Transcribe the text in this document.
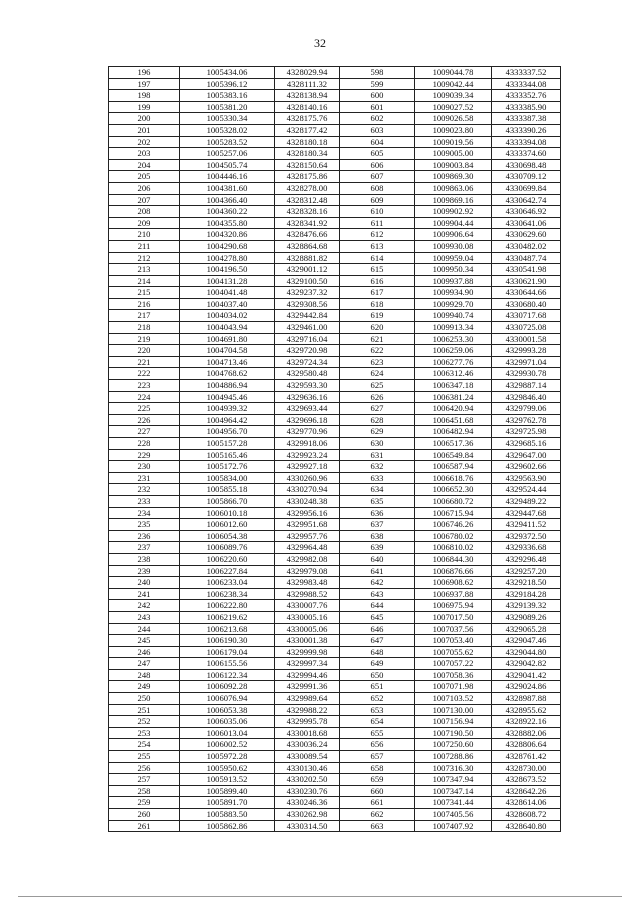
32
196	1005434.06	4328029.94	598	1009044.78	4333337.52
197	1005396.12	4328111.32	599	1009042.44	4333344.08
198	1005383.16	4328138.94	600	1009039.34	4333352.76
199	1005381.20	4328140.16	601	1009027.52	4333385.90
200	1005330.34	4328175.76	602	1009026.58	4333387.38
201	1005328.02	4328177.42	603	1009023.80	4333390.26
202	1005283.52	4328180.18	604	1009019.56	4333394.08
203	1005257.06	4328180.34	605	1009005.00	4333374.60
204	1004505.74	4328150.64	606	1009003.84	4330698.48
205	1004446.16	4328175.86	607	1009869.30	4330709.12
206	1004381.60	4328278.00	608	1009863.06	4330699.84
207	1004366.40	4328312.48	609	1009869.16	4330642.74
208	1004360.22	4328328.16	610	1009902.92	4330646.92
209	1004355.80	4328341.92	611	1009904.44	4330641.06
210	1004320.86	4328476.66	612	1009906.64	4330629.60
211	1004290.68	4328864.68	613	1009930.08	4330482.02
212	1004278.80	4328881.82	614	1009959.04	4330487.74
213	1004196.50	4329001.12	615	1009950.34	4330541.98
214	1004131.28	4329100.50	616	1009937.88	4330621.90
215	1004041.48	4329237.32	617	1009934.90	4330644.66
216	1004037.40	4329308.56	618	1009929.70	4330680.40
217	1004034.02	4329442.84	619	1009940.74	4330717.68
218	1004043.94	4329461.00	620	1009913.34	4330725.08
219	1004691.80	4329716.04	621	1006253.30	4330001.58
220	1004704.58	4329720.98	622	1006259.06	4329993.28
221	1004713.46	4329724.34	623	1006277.76	4329971.04
222	1004768.62	4329580.48	624	1006312.46	4329930.78
223	1004886.94	4329593.30	625	1006347.18	4329887.14
224	1004945.46	4329636.16	626	1006381.24	4329846.40
225	1004939.32	4329693.44	627	1006420.94	4329799.06
226	1004964.42	4329696.18	628	1006451.68	4329762.78
227	1004956.70	4329770.96	629	1006482.94	4329725.98
228	1005157.28	4329918.06	630	1006517.36	4329685.16
229	1005165.46	4329923.24	631	1006549.84	4329647.00
230	1005172.76	4329927.18	632	1006587.94	4329602.66
231	1005834.00	4330260.96	633	1006618.76	4329563.90
232	1005855.18	4330270.94	634	1006652.30	4329524.44
233	1005866.70	4330248.38	635	1006680.72	4329489.22
234	1006010.18	4329956.16	636	1006715.94	4329447.68
235	1006012.60	4329951.68	637	1006746.26	4329411.52
236	1006054.38	4329957.76	638	1006780.02	4329372.50
237	1006089.76	4329964.48	639	1006810.02	4329336.68
238	1006220.60	4329982.08	640	1006844.30	4329296.48
239	1006227.84	4329979.08	641	1006876.66	4329257.20
240	1006233.04	4329983.48	642	1006908.62	4329218.50
241	1006238.34	4329988.52	643	1006937.88	4329184.28
242	1006222.80	4330007.76	644	1006975.94	4329139.32
243	1006219.62	4330005.16	645	1007017.50	4329089.26
244	1006213.68	4330005.06	646	1007037.56	4329065.28
245	1006190.30	4330001.38	647	1007053.40	4329047.46
246	1006179.04	4329999.98	648	1007055.62	4329044.80
247	1006155.56	4329997.34	649	1007057.22	4329042.82
248	1006122.34	4329994.46	650	1007058.36	4329041.42
249	1006092.28	4329991.36	651	1007071.98	4329024.86
250	1006076.94	4329989.64	652	1007103.52	4328987.88
251	1006053.38	4329988.22	653	1007130.00	4328955.62
252	1006035.06	4329995.78	654	1007156.94	4328922.16
253	1006013.04	4330018.68	655	1007190.50	4328882.06
254	1006002.52	4330036.24	656	1007250.60	4328806.64
255	1005972.28	4330089.54	657	1007288.86	4328761.42
256	1005950.62	4330130.46	658	1007316.30	4328730.00
257	1005913.52	4330202.50	659	1007347.94	4328673.52
258	1005899.40	4330230.76	660	1007347.14	4328642.26
259	1005891.70	4330246.36	661	1007341.44	4328614.06
260	1005883.50	4330262.98	662	1007405.56	4328608.72
261	1005862.86	4330314.50	663	1007407.92	4328640.80
